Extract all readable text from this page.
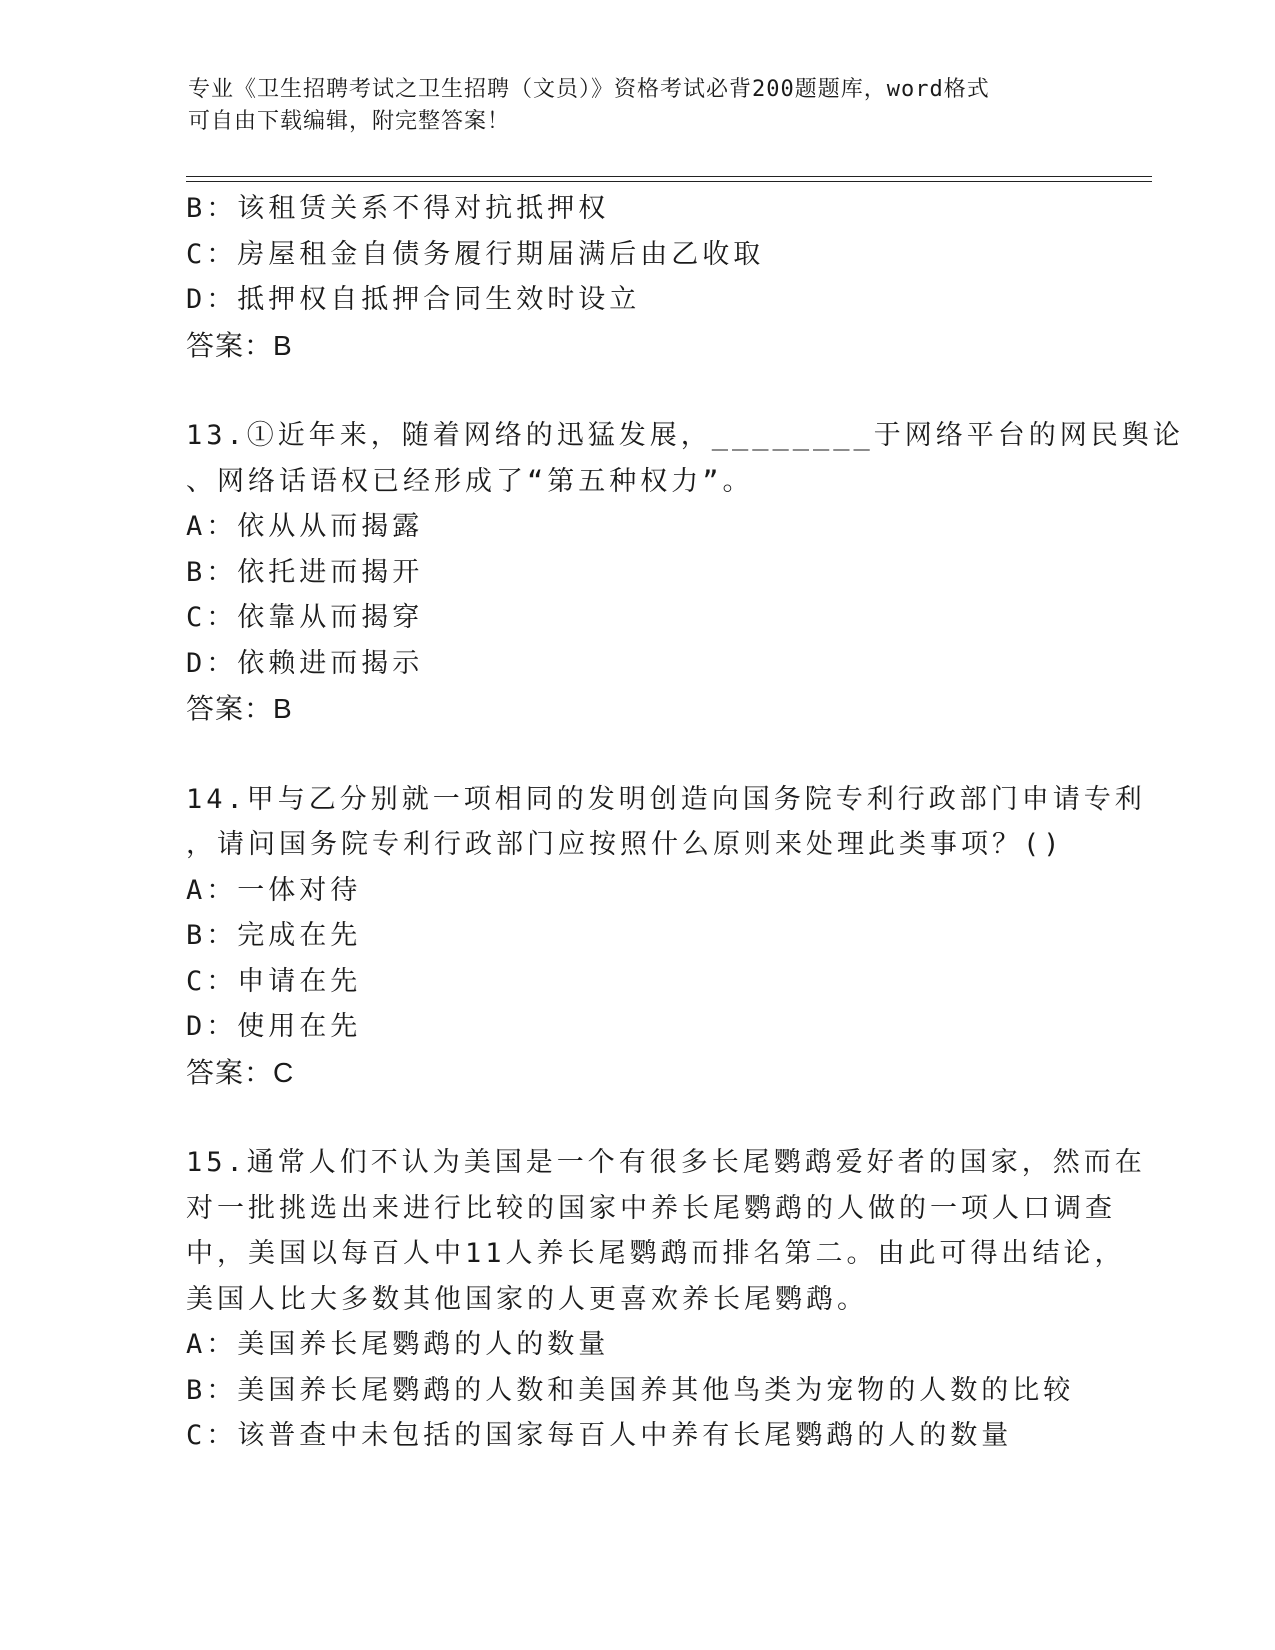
专业《卫生招聘考试之卫生招聘（文员）》资格考试必背200题题库，word格式
可自由下载编辑，附完整答案！
B：该租赁关系不得对抗抵押权
C：房屋租金自债务履行期届满后由乙收取
D：抵押权自抵押合同生效时设立
答案：B
13.①近年来，随着网络的迅猛发展，________于网络平台的网民舆论
、网络话语权已经形成了“第五种权力”。
A：依从从而揭露
B：依托进而揭开
C：依靠从而揭穿
D：依赖进而揭示
答案：B
14.甲与乙分别就一项相同的发明创造向国务院专利行政部门申请专利
，请问国务院专利行政部门应按照什么原则来处理此类事项？()
A：一体对待
B：完成在先
C：申请在先
D：使用在先
答案：C
15.通常人们不认为美国是一个有很多长尾鹦鹉爱好者的国家，然而在
对一批挑选出来进行比较的国家中养长尾鹦鹉的人做的一项人口调查
中，美国以每百人中11人养长尾鹦鹉而排名第二。由此可得出结论，
美国人比大多数其他国家的人更喜欢养长尾鹦鹉。
A：美国养长尾鹦鹉的人的数量
B：美国养长尾鹦鹉的人数和美国养其他鸟类为宠物的人数的比较
C：该普查中未包括的国家每百人中养有长尾鹦鹉的人的数量
